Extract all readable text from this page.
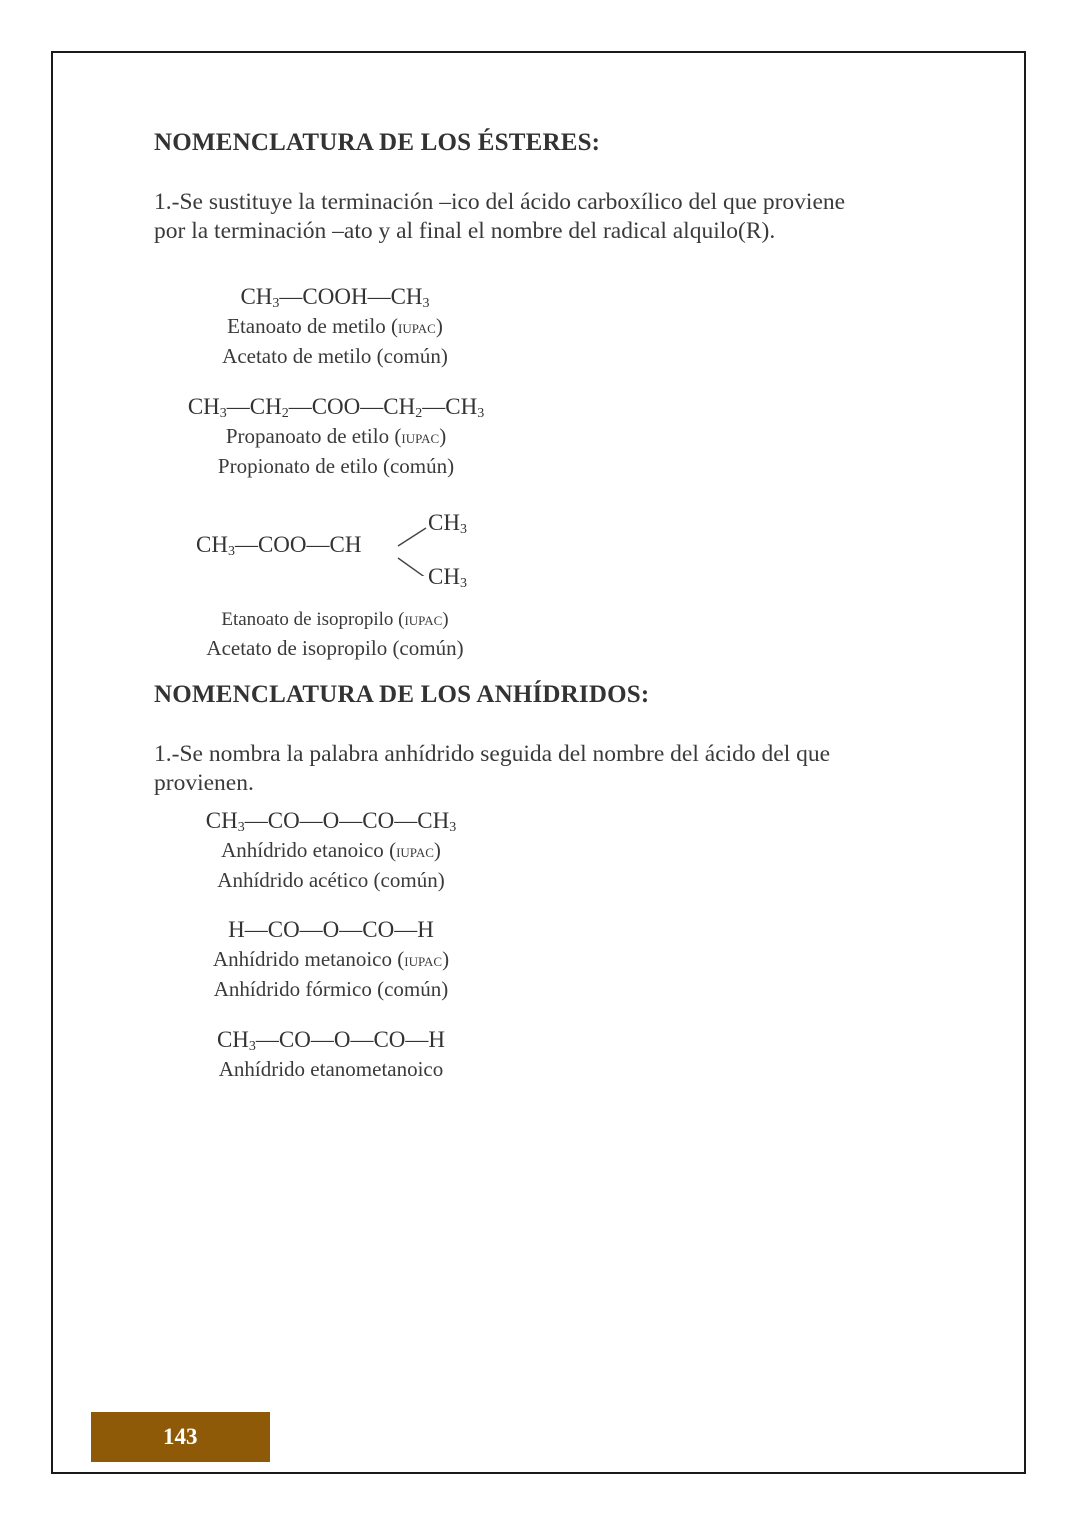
NOMENCLATURA DE LOS ÉSTERES:
1.-Se sustituye la terminación –ico del ácido carboxílico del que proviene
por la terminación –ato y al final el nombre del radical alquilo(R).
$CH_3—COOH—CH_3$
Etanoato de metilo (iupac)
Acetato de metilo (común)
$CH_3—CH_2—COO—CH_2—CH_3$
Propanoato de etilo (iupac)
Propionato de etilo (común)
$CH_3—COO—CH$
$CH_3$
$CH_3$
Etanoato de isopropilo (iupac)
Acetato de isopropilo (común)
NOMENCLATURA DE LOS ANHÍDRIDOS:
1.-Se nombra la palabra anhídrido seguida del nombre del ácido del que
provienen.
$CH_3—CO—O—CO—CH_3$
Anhídrido etanoico (iupac)
Anhídrido acético (común)
H—CO—O—CO—H
Anhídrido metanoico (iupac)
Anhídrido fórmico (común)
$CH_3—CO—O—CO—H$
Anhídrido etanometanoico
143
